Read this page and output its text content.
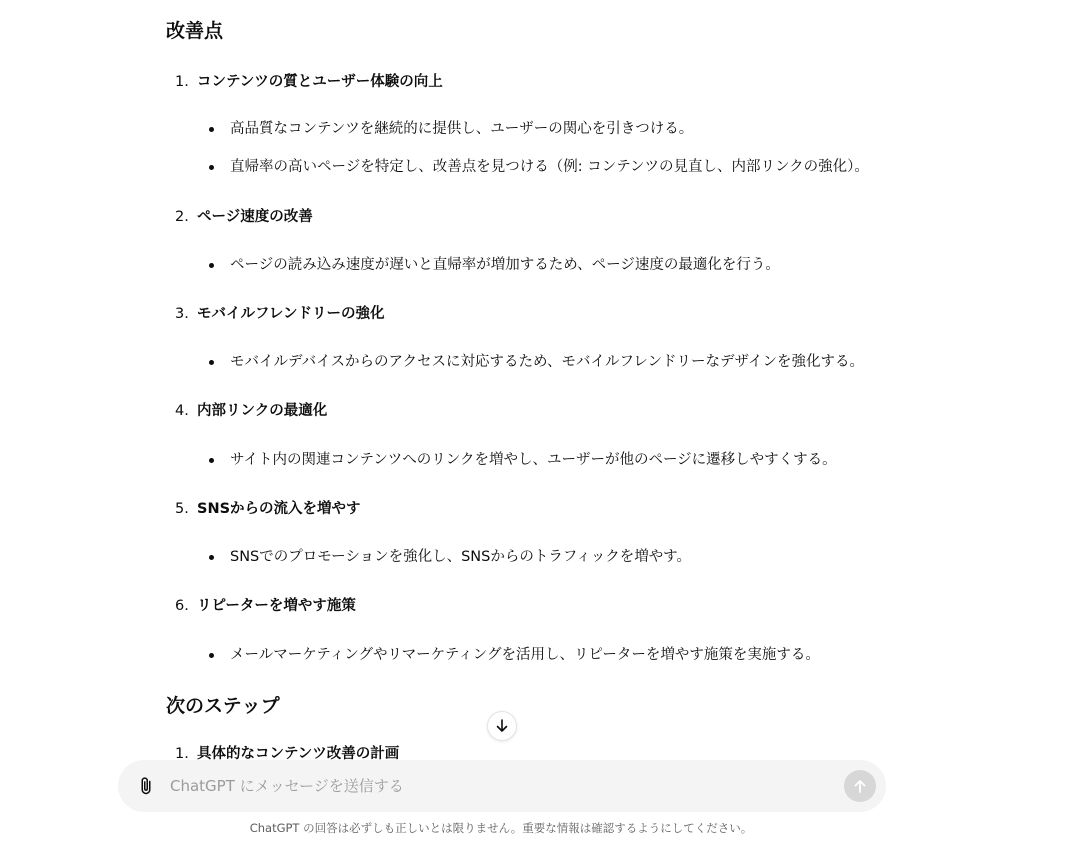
改善点
1. コンテンツの質とユーザー体験の向上
高品質なコンテンツを継続的に提供し、ユーザーの関心を引きつける。
直帰率の高いページを特定し、改善点を見つける（例: コンテンツの見直し、内部リンクの強化）。
2. ページ速度の改善
ページの読み込み速度が遅いと直帰率が増加するため、ページ速度の最適化を行う。
3. モバイルフレンドリーの強化
モバイルデバイスからのアクセスに対応するため、モバイルフレンドリーなデザインを強化する。
4. 内部リンクの最適化
サイト内の関連コンテンツへのリンクを増やし、ユーザーが他のページに遷移しやすくする。
5. SNSからの流入を増やす
SNSでのプロモーションを強化し、SNSからのトラフィックを増やす。
6. リピーターを増やす施策
メールマーケティングやリマーケティングを活用し、リピーターを増やす施策を実施する。
次のステップ
1. 具体的なコンテンツ改善の計画
ChatGPT にメッセージを送信する
ChatGPT の回答は必ずしも正しいとは限りません。重要な情報は確認するようにしてください。
